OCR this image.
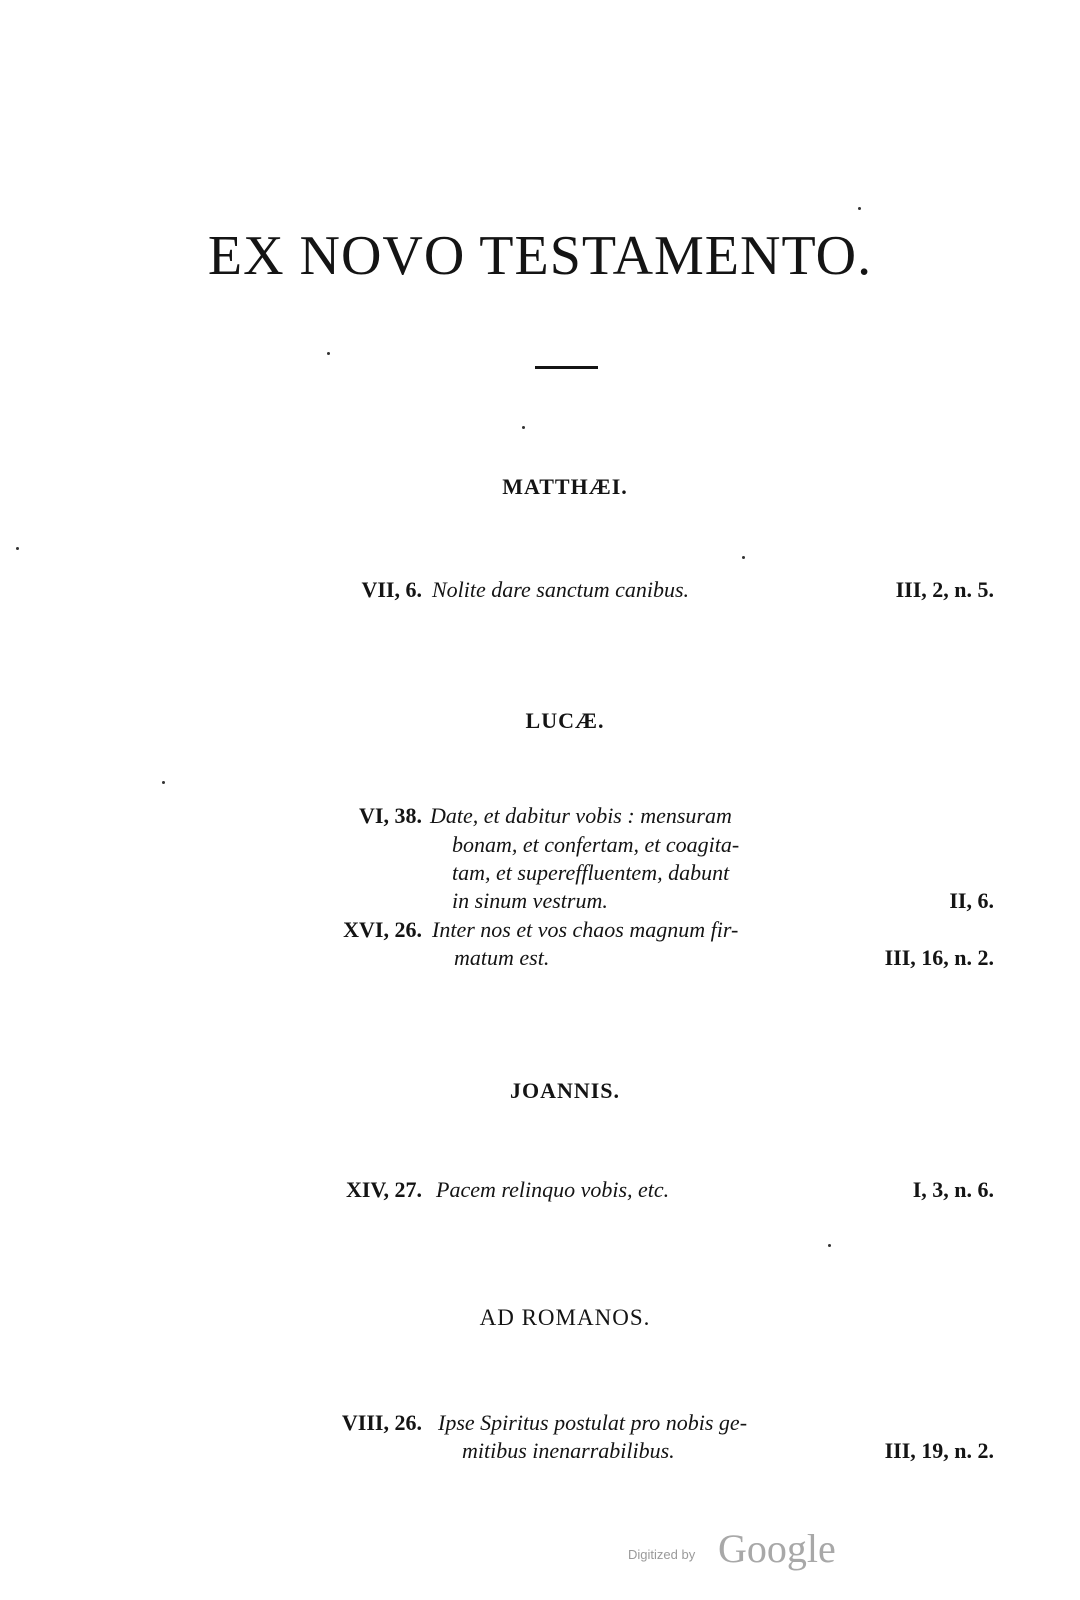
EX NOVO TESTAMENTO.
MATTHÆI.
VII, 6. Nolite dare sanctum canibus.	III, 2, n. 5.
LUCÆ.
VI, 38. Date, et dabitur vobis : mensuram
bonam, et confertam, et coagita-
tam, et supereffluentem, dabunt
in sinum vestrum.	II, 6.
XVI, 26. Inter nos et vos chaos magnum fir-
matum est.	III, 16, n. 2.
JOANNIS.
XIV, 27. Pacem relinquo vobis, etc.	I, 3, n. 6.
AD ROMANOS.
VIII, 26. Ipse Spiritus postulat pro nobis ge-
mitibus inenarrabilibus.	III, 19, n. 2.
Digitized by Google
